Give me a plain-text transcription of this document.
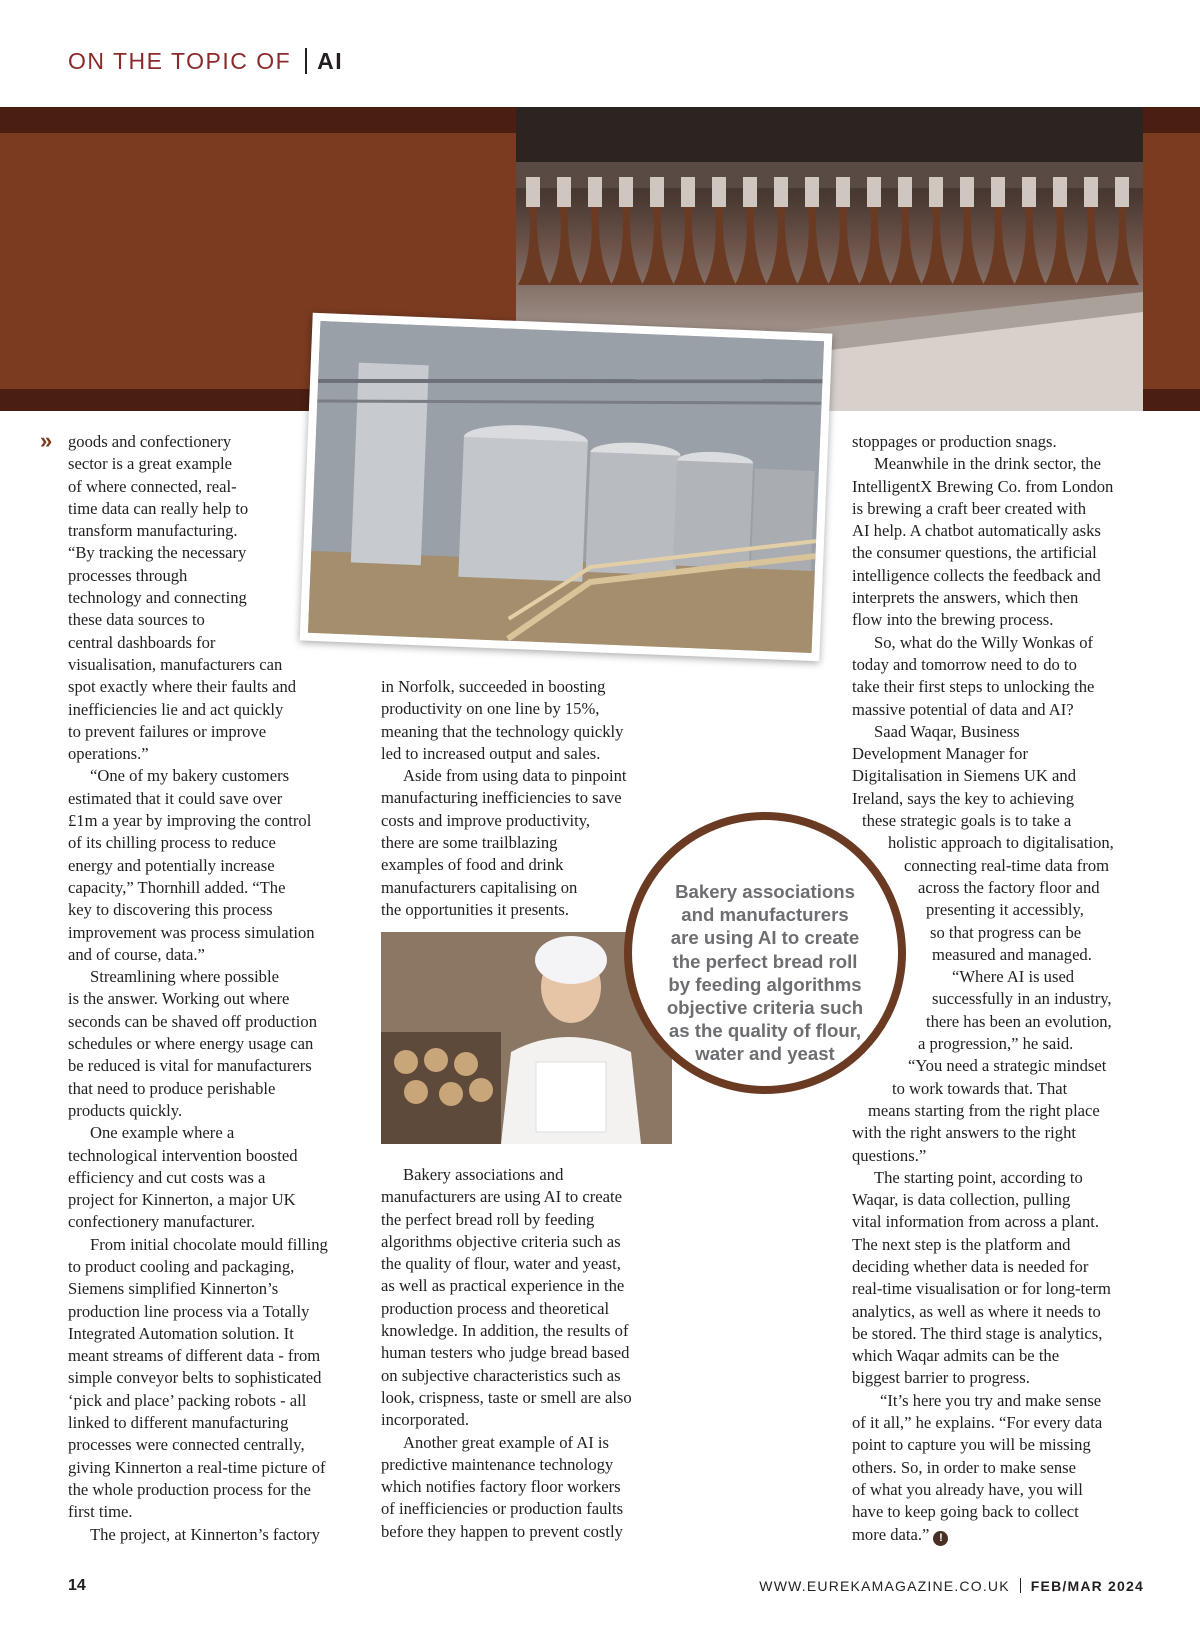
ON THE TOPIC OF AI
» goods and confectionery
sector is a great example
of where connected, real-
time data can really help to
transform manufacturing.
“By tracking the necessary
processes through
technology and connecting
these data sources to
central dashboards for
visualisation, manufacturers can
spot exactly where their faults and
inefficiencies lie and act quickly
to prevent failures or improve
operations.”
“One of my bakery customers
estimated that it could save over
£1m a year by improving the control
of its chilling process to reduce
energy and potentially increase
capacity,” Thornhill added. “The
key to discovering this process
improvement was process simulation
and of course, data.”
Streamlining where possible
is the answer. Working out where
seconds can be shaved off production
schedules or where energy usage can
be reduced is vital for manufacturers
that need to produce perishable
products quickly.
One example where a
technological intervention boosted
efficiency and cut costs was a
project for Kinnerton, a major UK
confectionery manufacturer.
From initial chocolate mould filling
to product cooling and packaging,
Siemens simplified Kinnerton’s
production line process via a Totally
Integrated Automation solution. It
meant streams of different data - from
simple conveyor belts to sophisticated
‘pick and place’ packing robots - all
linked to different manufacturing
processes were connected centrally,
giving Kinnerton a real-time picture of
the whole production process for the
first time.
The project, at Kinnerton’s factory
in Norfolk, succeeded in boosting
productivity on one line by 15%,
meaning that the technology quickly
led to increased output and sales.
Aside from using data to pinpoint
manufacturing inefficiencies to save
costs and improve productivity,
there are some trailblazing
examples of food and drink
manufacturers capitalising on
the opportunities it presents.
Bakery associations and
manufacturers are using AI to create
the perfect bread roll by feeding
algorithms objective criteria such as
the quality of flour, water and yeast,
as well as practical experience in the
production process and theoretical
knowledge. In addition, the results of
human testers who judge bread based
on subjective characteristics such as
look, crispness, taste or smell are also
incorporated.
Another great example of AI is
predictive maintenance technology
which notifies factory floor workers
of inefficiencies or production faults
before they happen to prevent costly
stoppages or production snags.
Meanwhile in the drink sector, the
IntelligentX Brewing Co. from London
is brewing a craft beer created with
AI help. A chatbot automatically asks
the consumer questions, the artificial
intelligence collects the feedback and
interprets the answers, which then
flow into the brewing process.
So, what do the Willy Wonkas of
today and tomorrow need to do to
take their first steps to unlocking the
massive potential of data and AI?
Saad Waqar, Business
Development Manager for
Digitalisation in Siemens UK and
Ireland, says the key to achieving
these strategic goals is to take a
holistic approach to digitalisation,
connecting real-time data from
across the factory floor and
presenting it accessibly,
so that progress can be
measured and managed.
“Where AI is used
successfully in an industry,
there has been an evolution,
a progression,” he said.
“You need a strategic mindset
to work towards that. That
means starting from the right place
with the right answers to the right
questions.”
The starting point, according to
Waqar, is data collection, pulling
vital information from across a plant.
The next step is the platform and
deciding whether data is needed for
real-time visualisation or for long-term
analytics, as well as where it needs to
be stored. The third stage is analytics,
which Waqar admits can be the
biggest barrier to progress.
“It’s here you try and make sense
of it all,” he explains. “For every data
point to capture you will be missing
others. So, in order to make sense
of what you already have, you will
have to keep going back to collect
more data.” !
Bakery associations
and manufacturers
are using AI to create
the perfect bread roll
by feeding algorithms
objective criteria such
as the quality of flour,
water and yeast
14	WWW.EUREKAMAGAZINE.CO.UK FEB/MAR 2024
